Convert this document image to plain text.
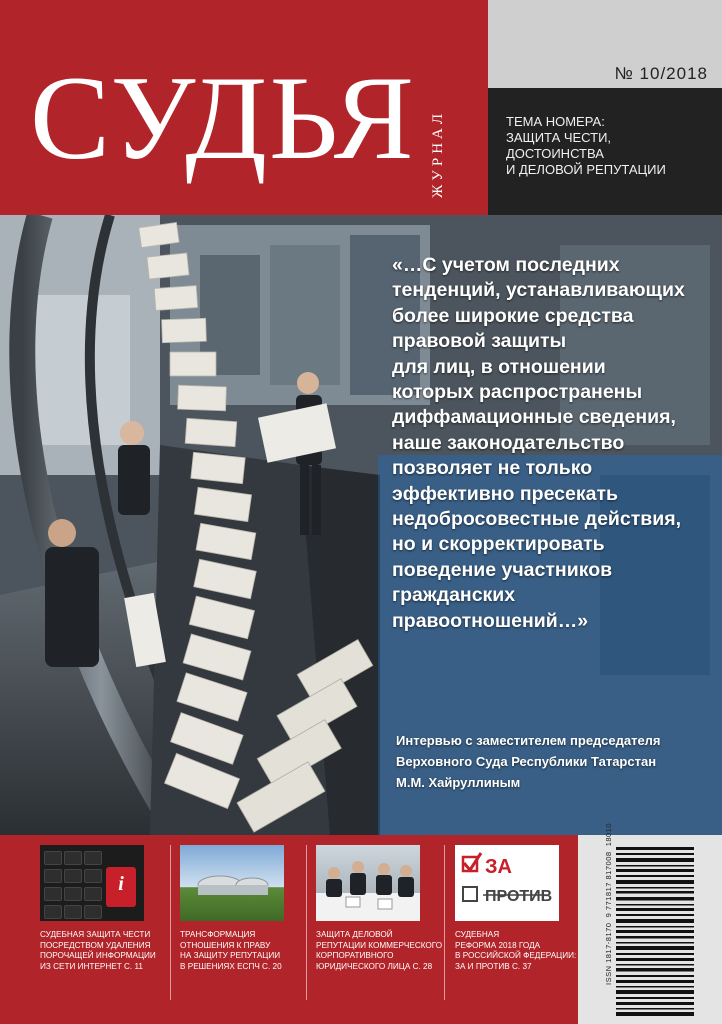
СУДЬЯ ЖУРНАЛ
№ 10/2018

ТЕМА НОМЕРА:
ЗАЩИТА ЧЕСТИ,
ДОСТОИНСТВА
И ДЕЛОВОЙ РЕПУТАЦИИ

«…С учетом последних
тенденций, устанавливающих
более широкие средства
правовой защиты
для лиц, в отношении
которых распространены
диффамационные сведения,
наше законодательство
позволяет не только
эффективно пресекать
недобросовестные действия,
но и скорректировать
поведение участников
гражданских
правоотношений…»
Интервью с заместителем председателя
Верховного Суда Республики Татарстан
М.М. Хайруллиным
i
СУДЕБНАЯ ЗАЩИТА ЧЕСТИ
ПОСРЕДСТВОМ УДАЛЕНИЯ
ПОРОЧАЩЕЙ ИНФОРМАЦИИ
ИЗ СЕТИ ИНТЕРНЕТ С. 11
ТРАНСФОРМАЦИЯ
ОТНОШЕНИЯ К ПРАВУ
НА ЗАЩИТУ РЕПУТАЦИИ
В РЕШЕНИЯХ ЕСПЧ С. 20
ЗАЩИТА ДЕЛОВОЙ
РЕПУТАЦИИ КОММЕРЧЕСКОГО
КОРПОРАТИВНОГО
ЮРИДИЧЕСКОГО ЛИЦА С. 28
ЗА
ПРОТИВ
СУДЕБНАЯ
РЕФОРМА 2018 ГОДА
В РОССИЙСКОЙ ФЕДЕРАЦИИ:
ЗА И ПРОТИВ С. 37	ISSN 1817-8170  9 771817 817008  18010
